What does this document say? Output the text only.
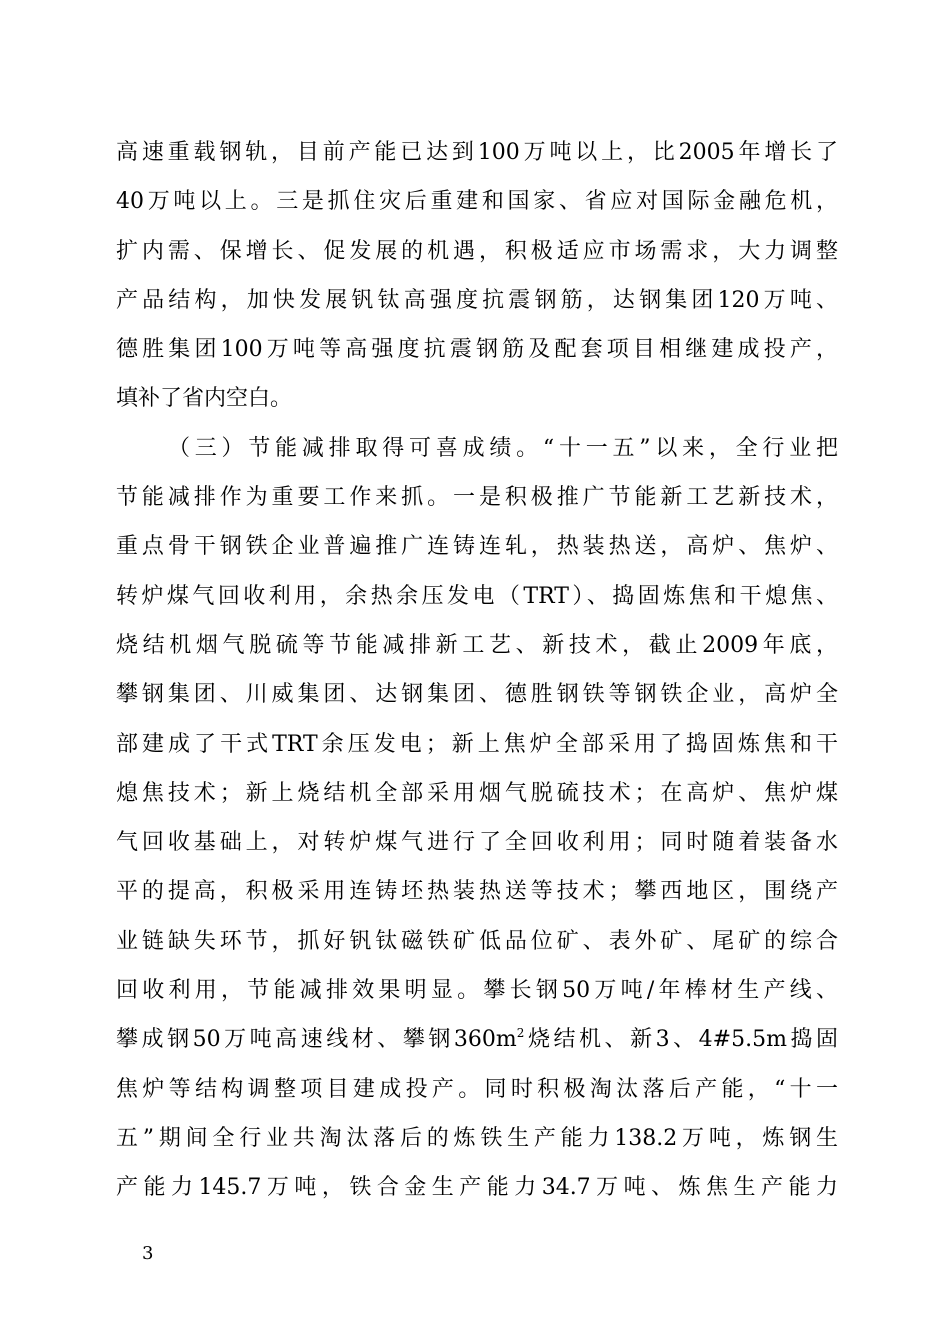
高速重载钢轨，目前产能已达到100万吨以上，比2005年增长了
40万吨以上。三是抓住灾后重建和国家、省应对国际金融危机，
扩内需、保增长、促发展的机遇，积极适应市场需求，大力调整
产品结构，加快发展钒钛高强度抗震钢筋，达钢集团120万吨、
德胜集团100万吨等高强度抗震钢筋及配套项目相继建成投产，
填补了省内空白。
（三）节能减排取得可喜成绩。“十一五”以来，全行业把
节能减排作为重要工作来抓。一是积极推广节能新工艺新技术，
重点骨干钢铁企业普遍推广连铸连轧，热装热送，高炉、焦炉、
转炉煤气回收利用，余热余压发电（TRT）、捣固炼焦和干熄焦、
烧结机烟气脱硫等节能减排新工艺、新技术，截止2009年底，
攀钢集团、川威集团、达钢集团、德胜钢铁等钢铁企业，高炉全
部建成了干式TRT余压发电；新上焦炉全部采用了捣固炼焦和干
熄焦技术；新上烧结机全部采用烟气脱硫技术；在高炉、焦炉煤
气回收基础上，对转炉煤气进行了全回收利用；同时随着装备水
平的提高，积极采用连铸坯热装热送等技术；攀西地区，围绕产
业链缺失环节，抓好钒钛磁铁矿低品位矿、表外矿、尾矿的综合
回收利用，节能减排效果明显。攀长钢50万吨/年棒材生产线、
攀成钢50万吨高速线材、攀钢$360m^2$烧结机、新3、4#5.5m捣固
焦炉等结构调整项目建成投产。同时积极淘汰落后产能，“十一
五”期间全行业共淘汰落后的炼铁生产能力138.2万吨，炼钢生
产能力145.7万吨，铁合金生产能力34.7万吨、炼焦生产能力
3
